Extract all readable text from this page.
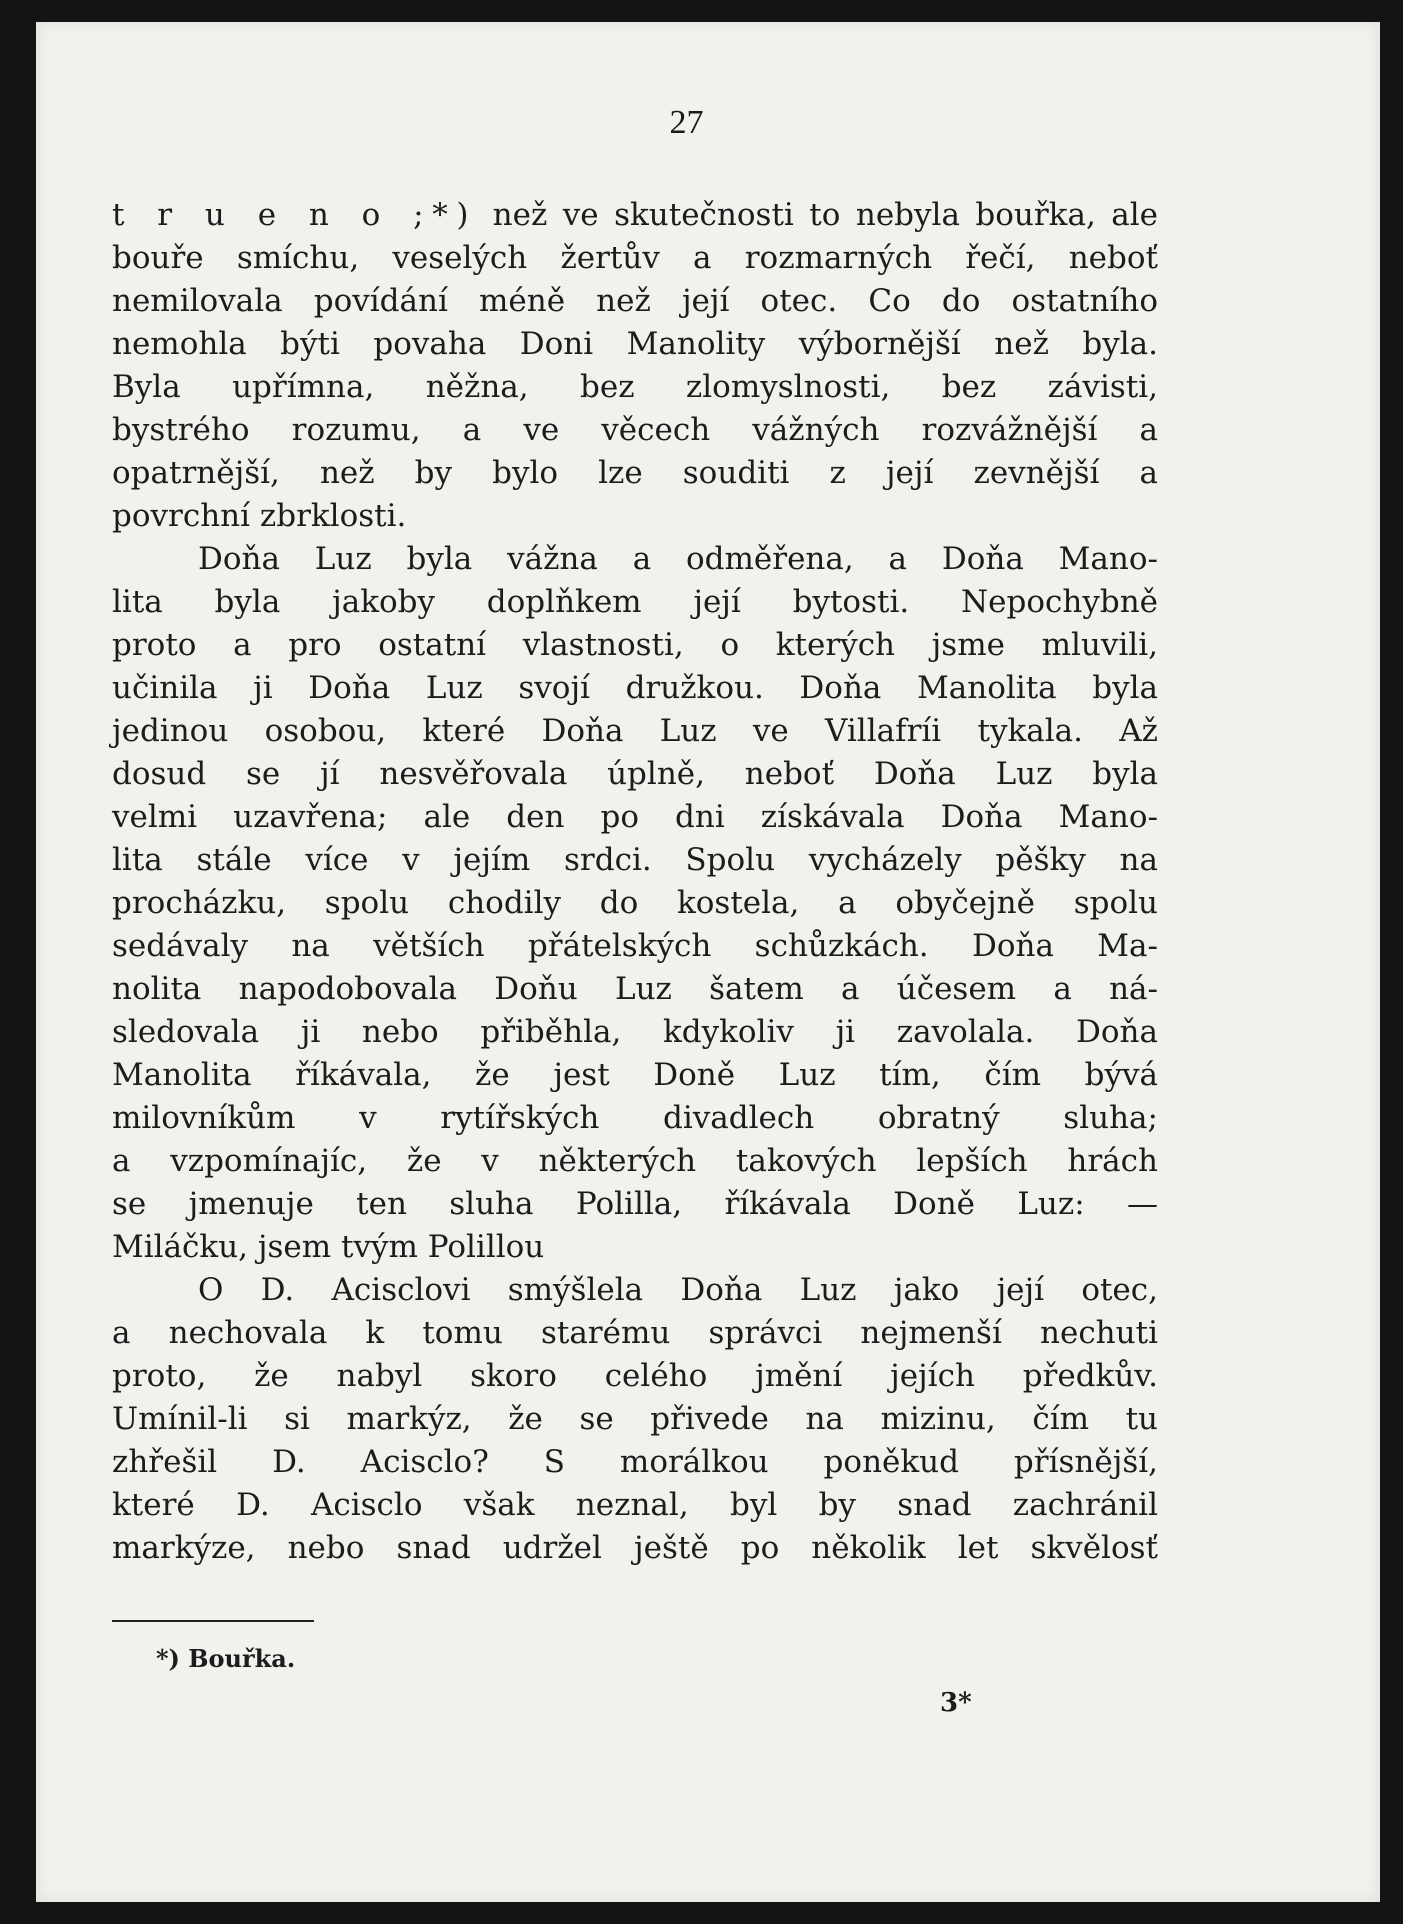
27
t r u e n o ;*) než ve skutečnosti to nebyla bouřka, ale
bouře smíchu, veselých žertův a rozmarných řečí, neboť
nemilovala povídání méně než její otec. Co do ostatního
nemohla býti povaha Doni Manolity výbornější než byla.
Byla upřímna, něžna, bez zlomyslnosti, bez závisti,
bystrého rozumu, a ve věcech vážných rozvážnější a
opatrnější, než by bylo lze souditi z její zevnější a
povrchní zbrklosti.
Doňa Luz byla vážna a odměřena, a Doňa Mano-
lita byla jakoby doplňkem její bytosti. Nepochybně
proto a pro ostatní vlastnosti, o kterých jsme mluvili,
učinila ji Doňa Luz svojí družkou. Doňa Manolita byla
jedinou osobou, které Doňa Luz ve Villafríi tykala. Až
dosud se jí nesvěřovala úplně, neboť Doňa Luz byla
velmi uzavřena; ale den po dni získávala Doňa Mano-
lita stále více v jejím srdci. Spolu vycházely pěšky na
procházku, spolu chodily do kostela, a obyčejně spolu
sedávaly na větších přátelských schůzkách. Doňa Ma-
nolita napodobovala Doňu Luz šatem a účesem a ná-
sledovala ji nebo přiběhla, kdykoliv ji zavolala. Doňa
Manolita říkávala, že jest Doně Luz tím, čím bývá
milovníkům v rytířských divadlech obratný sluha;
a vzpomínajíc, že v některých takových lepších hrách
se jmenuje ten sluha Polilla, říkávala Doně Luz: —
Miláčku, jsem tvým Polillou
O D. Acisclovi smýšlela Doňa Luz jako její otec,
a nechovala k tomu starému správci nejmenší nechuti
proto, že nabyl skoro celého jmění jejích předkův.
Umínil-li si markýz, že se přivede na mizinu, čím tu
zhřešil D. Acisclо? S morálkou poněkud přísnější,
které D. Acisclо však neznal, byl by snad zachránil
markýze, nebo snad udržel ještě po několik let skvělosť
*) Bouřka.
3*
